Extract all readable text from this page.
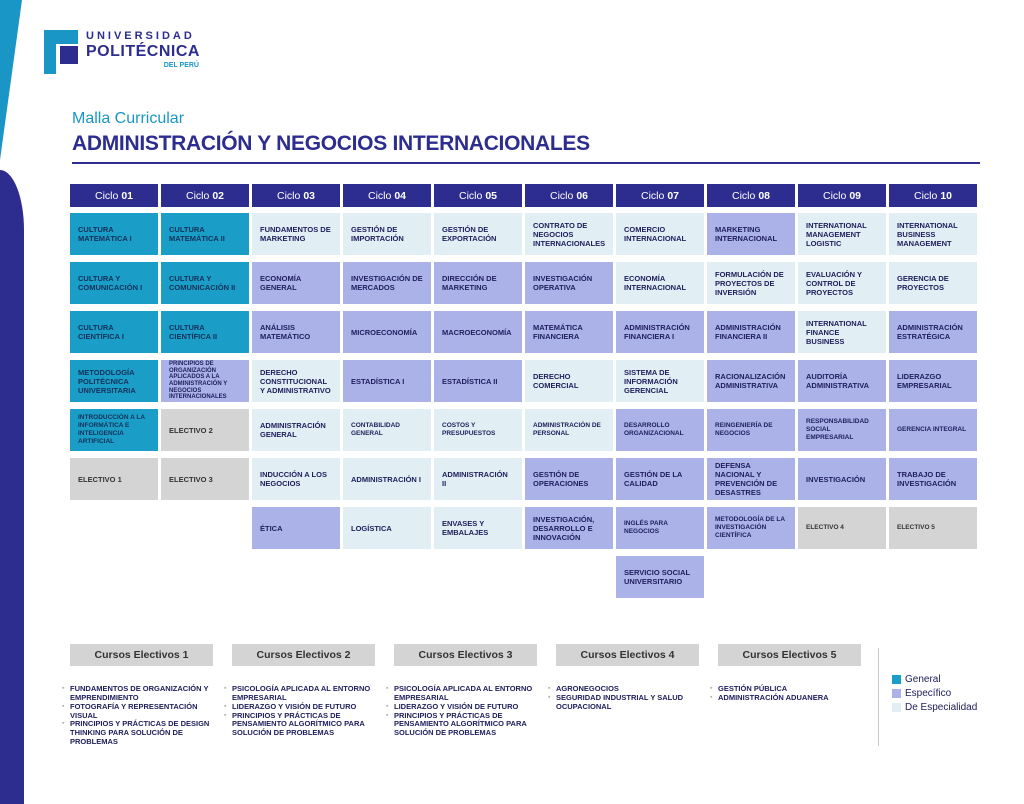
UNIVERSIDAD
POLITÉCNICA
DEL PERÚ
Malla Curricular
ADMINISTRACIÓN Y NEGOCIOS INTERNACIONALES
Ciclo 01
CULTURA MATEMÁTICA I
CULTURA Y COMUNICACIÓN I
CULTURA CIENTÍFICA I
METODOLOGÍA POLITÉCNICA UNIVERSITARIA
INTRODUCCIÓN A LA INFORMÁTICA E INTELIGENCIA ARTIFICIAL
ELECTIVO 1
Ciclo 02
CULTURA MATEMÁTICA II
CULTURA Y COMUNICACIÓN II
CULTURA CIENTÍFICA II
PRINCIPIOS DE ORGANIZACIÓN APLICADOS A LA ADMINISTRACIÓN Y NEGOCIOS INTERNACIONALES
ELECTIVO 2
ELECTIVO 3
Ciclo 03
FUNDAMENTOS DE MARKETING
ECONOMÍA GENERAL
ANÁLISIS MATEMÁTICO
DERECHO CONSTITUCIONAL Y ADMINISTRATIVO
ADMINISTRACIÓN GENERAL
INDUCCIÓN A LOS NEGOCIOS
ÉTICA
Ciclo 04
GESTIÓN DE IMPORTACIÓN
INVESTIGACIÓN DE MERCADOS
MICROECONOMÍA
ESTADÍSTICA I
CONTABILIDAD GENERAL
ADMINISTRACIÓN I
LOGÍSTICA
Ciclo 05
GESTIÓN DE EXPORTACIÓN
DIRECCIÓN DE MARKETING
MACROECONOMÍA
ESTADÍSTICA II
COSTOS Y PRESUPUESTOS
ADMINISTRACIÓN II
ENVASES Y EMBALAJES
Ciclo 06
CONTRATO DE NEGOCIOS INTERNACIONALES
INVESTIGACIÓN OPERATIVA
MATEMÁTICA FINANCIERA
DERECHO COMERCIAL
ADMINISTRACIÓN DE PERSONAL
GESTIÓN DE OPERACIONES
INVESTIGACIÓN, DESARROLLO E INNOVACIÓN
Ciclo 07
COMERCIO INTERNACIONAL
ECONOMÍA INTERNACIONAL
ADMINISTRACIÓN FINANCIERA I
SISTEMA DE INFORMACIÓN GERENCIAL
DESARROLLO ORGANIZACIONAL
GESTIÓN DE LA CALIDAD
INGLÉS PARA NEGOCIOS
SERVICIO SOCIAL UNIVERSITARIO
Ciclo 08
MARKETING INTERNACIONAL
FORMULACIÓN DE PROYECTOS DE INVERSIÓN
ADMINISTRACIÓN FINANCIERA II
RACIONALIZACIÓN ADMINISTRATIVA
REINGENIERÍA DE NEGOCIOS
DEFENSA NACIONAL Y PREVENCIÓN DE DESASTRES
METODOLOGÍA DE LA INVESTIGACIÓN CIENTÍFICA
Ciclo 09
INTERNATIONAL MANAGEMENT LOGISTIC
EVALUACIÓN Y CONTROL DE PROYECTOS
INTERNATIONAL FINANCE BUSINESS
AUDITORÍA ADMINISTRATIVA
RESPONSABILIDAD SOCIAL EMPRESARIAL
INVESTIGACIÓN
ELECTIVO 4
Ciclo 10
INTERNATIONAL BUSINESS MANAGEMENT
GERENCIA DE PROYECTOS
ADMINISTRACIÓN ESTRATÉGICA
LIDERAZGO EMPRESARIAL
GERENCIA INTEGRAL
TRABAJO DE INVESTIGACIÓN
ELECTIVO 5
Cursos Electivos 1
▪ FUNDAMENTOS DE ORGANIZACIÓN Y EMPRENDIMIENTO
▪ FOTOGRAFÍA Y REPRESENTACIÓN VISUAL
▪ PRINCIPIOS Y PRÁCTICAS DE DESIGN THINKING PARA SOLUCIÓN DE PROBLEMAS
Cursos Electivos 2
▪ PSICOLOGÍA APLICADA AL ENTORNO EMPRESARIAL
▪ LIDERAZGO Y VISIÓN DE FUTURO
▪ PRINCIPIOS Y PRÁCTICAS DE PENSAMIENTO ALGORÍTMICO PARA SOLUCIÓN DE PROBLEMAS
Cursos Electivos 3
▪ PSICOLOGÍA APLICADA AL ENTORNO EMPRESARIAL
▪ LIDERAZGO Y VISIÓN DE FUTURO
▪ PRINCIPIOS Y PRÁCTICAS DE PENSAMIENTO ALGORÍTMICO PARA SOLUCIÓN DE PROBLEMAS
Cursos Electivos 4
▪ AGRONEGOCIOS
▪ SEGURIDAD INDUSTRIAL Y SALUD OCUPACIONAL
Cursos Electivos 5
▪ GESTIÓN PÚBLICA
▪ ADMINISTRACIÓN ADUANERA
General
Específico
De Especialidad
